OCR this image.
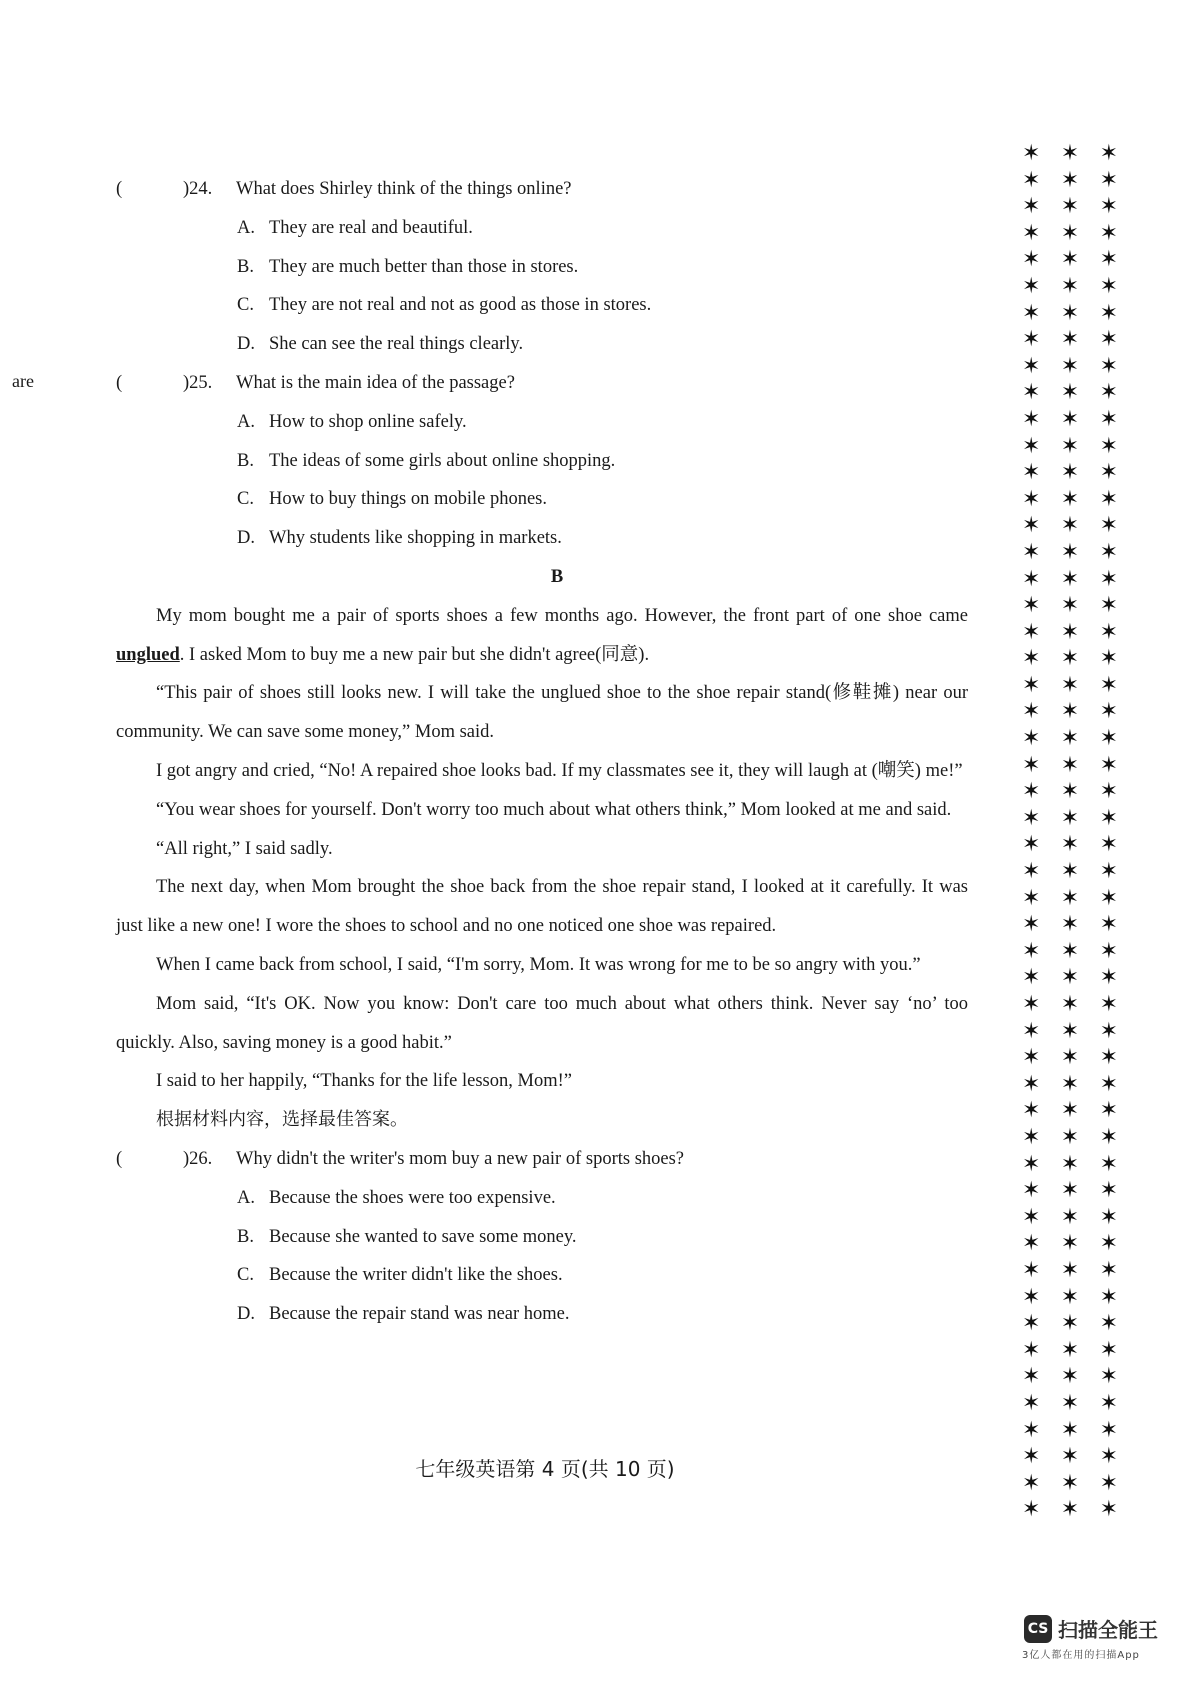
are
(	)24. What does Shirley think of the things online?
A. They are real and beautiful.
B. They are much better than those in stores.
C. They are not real and not as good as those in stores.
D. She can see the real things clearly.
(	)25. What is the main idea of the passage?
A. How to shop online safely.
B. The ideas of some girls about online shopping.
C. How to buy things on mobile phones.
D. Why students like shopping in markets.
B

My mom bought me a pair of sports shoes a few months ago. However, the front part of one shoe came unglued. I asked Mom to buy me a new pair but she didn't agree(同意).

“This pair of shoes still looks new. I will take the unglued shoe to the shoe repair stand(修鞋摊) near our community. We can save some money,” Mom said.

I got angry and cried, “No! A repaired shoe looks bad. If my classmates see it, they will laugh at (嘲笑) me!”

“You wear shoes for yourself. Don't worry too much about what others think,” Mom looked at me and said.

“All right,” I said sadly.

The next day, when Mom brought the shoe back from the shoe repair stand, I looked at it carefully. It was just like a new one! I wore the shoes to school and no one noticed one shoe was repaired.

When I came back from school, I said, “I'm sorry, Mom. It was wrong for me to be so angry with you.”

Mom said, “It's OK. Now you know: Don't care too much about what others think. Never say ‘no’ too quickly. Also, saving money is a good habit.”

I said to her happily, “Thanks for the life lesson, Mom!”

根据材料内容，选择最佳答案。
(	)26. Why didn't the writer's mom buy a new pair of sports shoes?
A. Because the shoes were too expensive.
B. Because she wanted to save some money.
C. Because the writer didn't like the shoes.
D. Because the repair stand was near home.
七年级英语第 4 页(共 10 页)
✶ ✶ ✶
✶ ✶ ✶
✶ ✶ ✶
✶ ✶ ✶
✶ ✶ ✶
✶ ✶ ✶
✶ ✶ ✶
✶ ✶ ✶
✶ ✶ ✶
✶ ✶ ✶
✶ ✶ ✶
✶ ✶ ✶
✶ ✶ ✶
✶ ✶ ✶
✶ ✶ ✶
✶ ✶ ✶
✶ ✶ ✶
✶ ✶ ✶
✶ ✶ ✶
✶ ✶ ✶
✶ ✶ ✶
✶ ✶ ✶
✶ ✶ ✶
✶ ✶ ✶
✶ ✶ ✶
✶ ✶ ✶
✶ ✶ ✶
✶ ✶ ✶
✶ ✶ ✶
✶ ✶ ✶
✶ ✶ ✶
✶ ✶ ✶
✶ ✶ ✶
✶ ✶ ✶
✶ ✶ ✶
✶ ✶ ✶
✶ ✶ ✶
✶ ✶ ✶
✶ ✶ ✶
✶ ✶ ✶
✶ ✶ ✶
✶ ✶ ✶
✶ ✶ ✶
✶ ✶ ✶
✶ ✶ ✶
✶ ✶ ✶
✶ ✶ ✶
✶ ✶ ✶
✶ ✶ ✶
✶ ✶ ✶
✶ ✶ ✶
✶ ✶ ✶
CS 扫描全能王
3亿人都在用的扫描App
